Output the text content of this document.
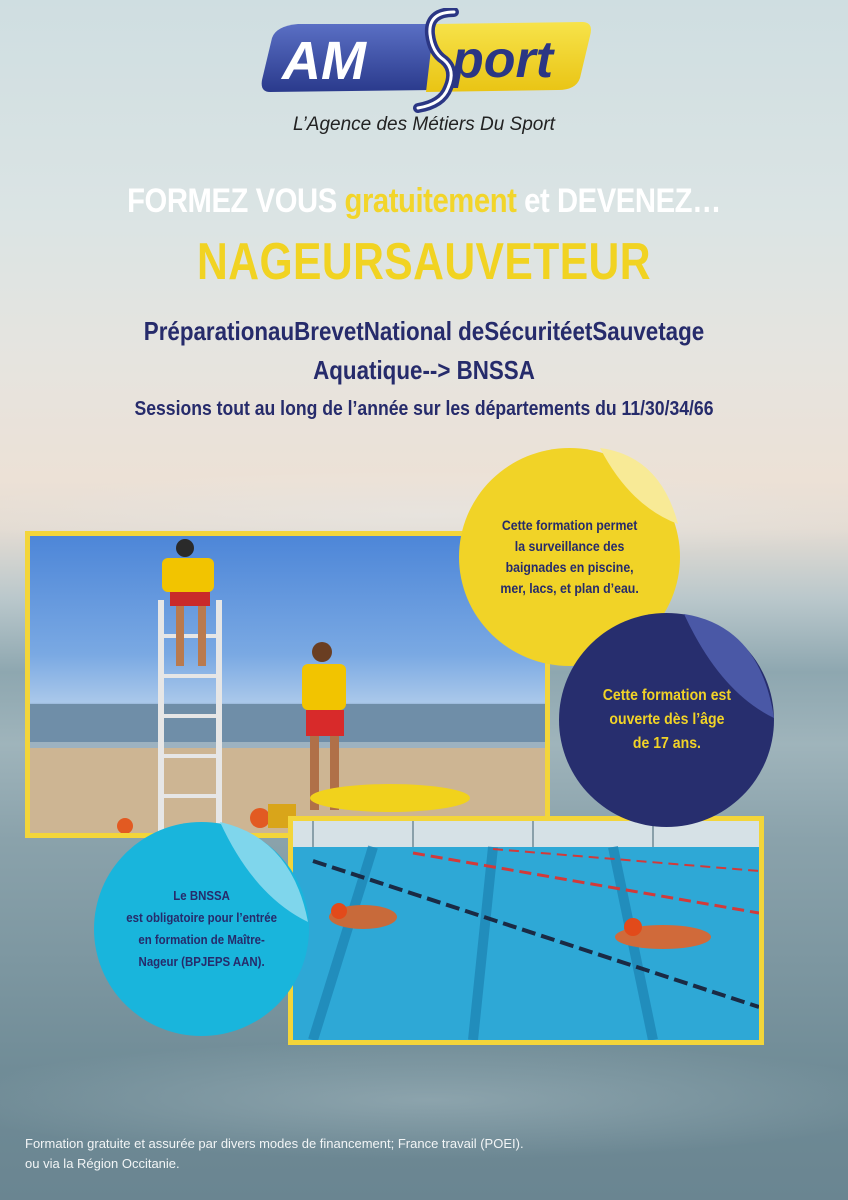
AM port
L’Agence des Métiers Du Sport
FORMEZ VOUS gratuitement et DEVENEZ…
NAGEURSAUVETEUR
PréparationauBrevetNational deSécuritéetSauvetage
Aquatique--> BNSSA
Sessions tout au long de l’année sur les départements du 11/30/34/66
Cette formation permet
la surveillance des
baignades en piscine,
mer, lacs, et plan d’eau.
Cette formation est
ouverte dès l’âge
de 17 ans.
Le BNSSA
est obligatoire pour l’entrée
en formation de Maître-
Nageur (BPJEPS AAN).
Formation gratuite et assurée par divers modes de financement; France travail (POEI).
ou via la Région Occitanie.
